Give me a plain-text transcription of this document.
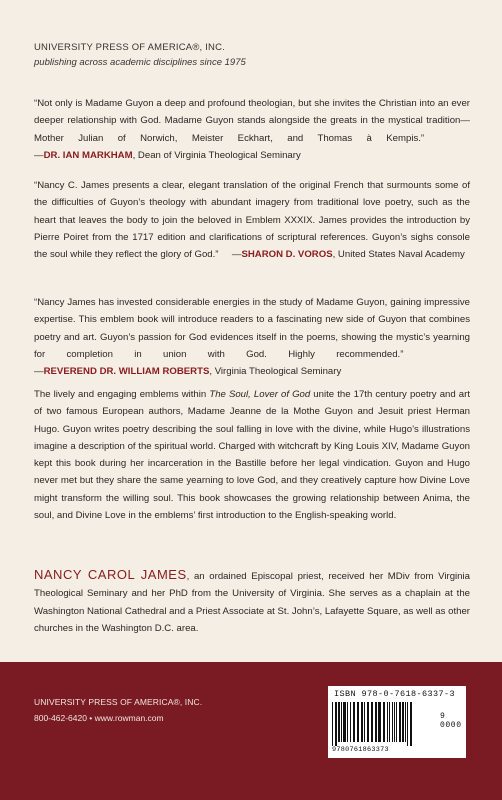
UNIVERSITY PRESS OF AMERICA®, INC.
publishing across academic disciplines since 1975
“Not only is Madame Guyon a deep and profound theologian, but she invites the Christian into an ever deeper relationship with God. Madame Guyon stands alongside the greats in the mystical tradition—Mother Julian of Norwich, Meister Eckhart, and Thomas à Kempis.”     —DR. IAN MARKHAM, Dean of Virginia Theological Seminary
“Nancy C. James presents a clear, elegant translation of the original French that surmounts some of the difficulties of Guyon’s theology with abundant imagery from traditional love poetry, such as the heart that leaves the body to join the beloved in Emblem XXXIX. James provides the introduction by Pierre Poiret from the 1717 edition and clarifications of scriptural references. Guyon’s sighs console the soul while they reflect the glory of God.” —SHARON D. VOROS, United States Naval Academy
“Nancy James has invested considerable energies in the study of Madame Guyon, gaining impressive expertise. This emblem book will introduce readers to a fascinating new side of Guyon that combines poetry and art. Guyon’s passion for God evidences itself in the poems, showing the mystic’s yearning for completion in union with God. Highly recommended.”     —REVEREND DR. WILLIAM ROBERTS, Virginia Theological Seminary
The lively and engaging emblems within The Soul, Lover of God unite the 17th century poetry and art of two famous European authors, Madame Jeanne de la Mothe Guyon and Jesuit priest Herman Hugo. Guyon writes poetry describing the soul falling in love with the divine, while Hugo’s illustrations imagine a description of the spiritual world. Charged with witchcraft by King Louis XIV, Madame Guyon kept this book during her incarceration in the Bastille before her legal vindication. Guyon and Hugo never met but they share the same yearning to love God, and they creatively capture how Divine Love might transform the willing soul. This book showcases the growing relationship between Anima, the soul, and Divine Love in the emblems’ first introduction to the English-speaking world.
NANCY CAROL JAMES, an ordained Episcopal priest, received her MDiv from Virginia Theological Seminary and her PhD from the University of Virginia. She serves as a chaplain at the Washington National Cathedral and a Priest Associate at St. John’s, Lafayette Square, as well as other churches in the Washington D.C. area.
UNIVERSITY PRESS OF AMERICA®, INC.
800-462-6420 • www.rowman.com
ISBN 978-0-7618-6337-3
9780761863373
9 0000
